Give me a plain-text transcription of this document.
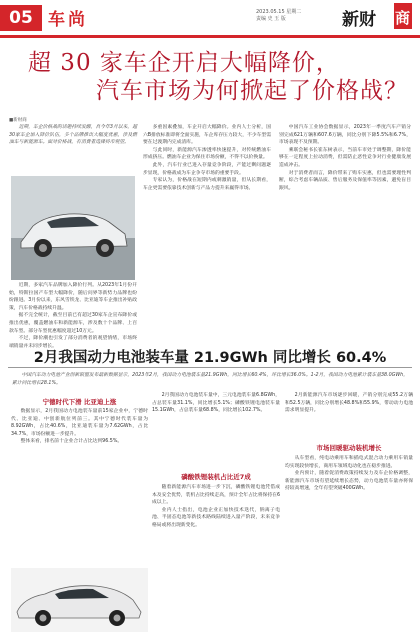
05 车尚	2023.05.15 星期二
责编 史 玉 版	新财 商
超 30 家车企开启大幅降价，
汽车市场为何掀起了价格战？
■新财商

近期，车企价格战的话题持续发酵，自今年3月以来，超30家车企加入降价队伍，多个品牌推出大幅度优惠，涉及燃油车与新能源车。面对价格战，有消费者选择持币观望。

近期，多家汽车品牌加入降价行列。从2023年1月份开始，特斯拉国产车型大幅降价，随后问界等新势力品牌也纷纷跟进。3月份以来，东风雪铁龙、比亚迪等车企推出补贴政策，汽车价格战持续升温。

据不完全统计，截至目前已有超过30家车企宣布降价或推出优惠，覆盖燃油车和新能源车，涉及数十个品牌、上百款车型。部分车型优惠幅度超过10万元。

不过，降价潮也引发了部分消费者的观望情绪，市场终端销量并未同步增长。

多重因素叠加，车企开启大幅降价。业内人士分析，国六B排放标准即将全面实施，车企库存压力较大，不少车型需要在过渡期内完成清库。

与此同时，新能源汽车渗透率快速提升，对传统燃油车形成挤压。燃油车企业为保住市场份额，不得不以价换量。

此外，汽车行业已进入存量竞争阶段，产能过剩问题逐步显现，价格战成为车企争夺市场的重要手段。

专家认为，价格战在短期内或刺激销量，但从长期看，车企更需要依靠技术创新与产品力提升来赢得市场。

中国汽车工业协会数据显示，2023年一季度汽车产销分别完成621万辆和607.6万辆，同比分别下降5.5%和6.7%，市场表现不及预期。

乘联会秘书长崔东树表示，当前车市处于调整期，降价能够在一定程度上拉动消费，但需防止恶性竞争对行业健康发展造成冲击。

对于消费者而言，降价带来了购车实惠，但也需要理性判断，综合考虑车辆品质、售后服务及保值率等因素，避免盲目跟风。

2月我国动力电池装车量 21.9GWh 同比增长 60.4%

中国汽车动力电池产业创新联盟发布最新数据显示，2023年2月，我国动力电池装车量21.9GWh，同比增长60.4%，环比增长36.0%。1-2月，我国动力电池累计装车量38.0GWh，累计同比增长28.1%。

宁德时代下滑 比亚迪上涨

数据显示，2月我国动力电池装车量前15家企业中，宁德时代、比亚迪、中创新航位列前三。其中宁德时代装车量为8.92GWh，占比40.6%，比亚迪装车量为7.62GWh，占比34.7%，市场份额进一步提升。

整体来看，排名前十企业合计占比达到96.5%。

磷酸铁锂装机占比近7成

2月我国动力电池装车量中，三元电池装车量6.8GWh，占总装车量31.1%，同比增长5.1%；磷酸铁锂电池装车量15.1GWh，占总装车量68.8%，同比增长102.7%。

随着新能源汽车市场进一步下沉，磷酸铁锂电池凭借成本及安全优势，装机占比持续走高，预计全年占比将保持在6成以上。

业内人士指出，电池企业正加快技术迭代，钠离子电池、半固态电池等新技术路线陆续进入量产阶段，未来竞争格局或将出现新变化。

2月新能源汽车市场逐步回暖，产销分别完成55.2万辆和52.5万辆，同比分别增长48.8%和55.9%，带动动力电池需求明显提升。

市场回暖驱动装机增长

从车型看，纯电动乘用车和插电式混合动力乘用车销量均实现较快增长，商用车领域电动化也在稳步推进。

业内预计，随着促消费政策持续发力及车企价格调整，新能源汽车市场有望延续增长态势，动力电池装车量亦将保持较高增速，全年有望突破400GWh。
